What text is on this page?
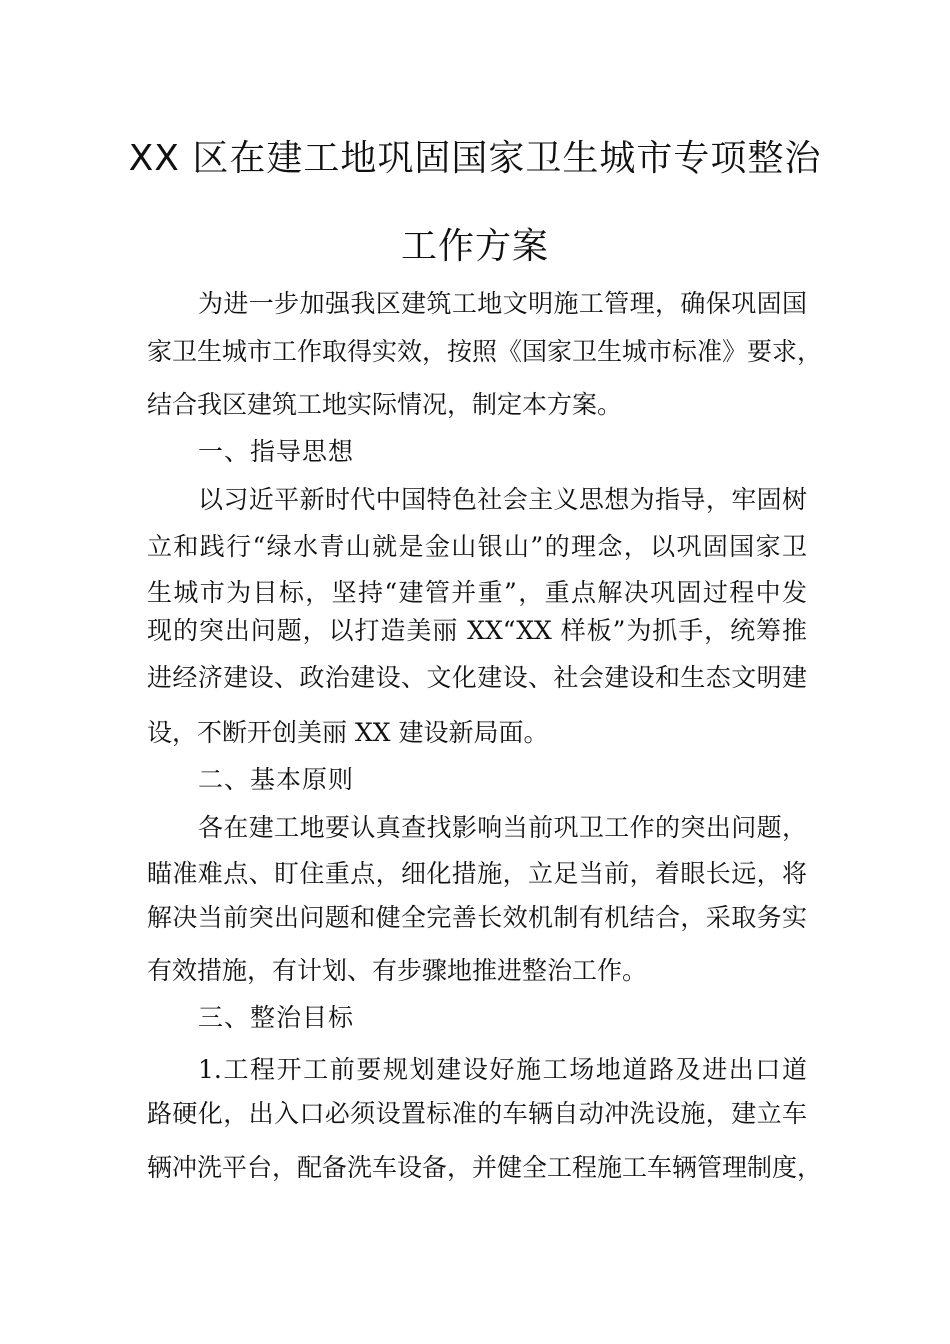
XX 区在建工地巩固国家卫生城市专项整治
工作方案
为进一步加强我区建筑工地文明施工管理，确保巩固国
家卫生城市工作取得实效，按照《国家卫生城市标准》要求，
结合我区建筑工地实际情况，制定本方案。
一、指导思想
以习近平新时代中国特色社会主义思想为指导，牢固树
立和践行“绿水青山就是金山银山”的理念，以巩固国家卫
生城市为目标，坚持“建管并重”，重点解决巩固过程中发
现的突出问题，以打造美丽 XX“XX 样板”为抓手，统筹推
进经济建设、政治建设、文化建设、社会建设和生态文明建
设，不断开创美丽 XX 建设新局面。
二、基本原则
各在建工地要认真查找影响当前巩卫工作的突出问题，
瞄准难点、盯住重点，细化措施，立足当前，着眼长远，将
解决当前突出问题和健全完善长效机制有机结合，采取务实
有效措施，有计划、有步骤地推进整治工作。
三、整治目标
1.工程开工前要规划建设好施工场地道路及进出口道
路硬化，出入口必须设置标准的车辆自动冲洗设施，建立车
辆冲洗平台，配备洗车设备，并健全工程施工车辆管理制度，
